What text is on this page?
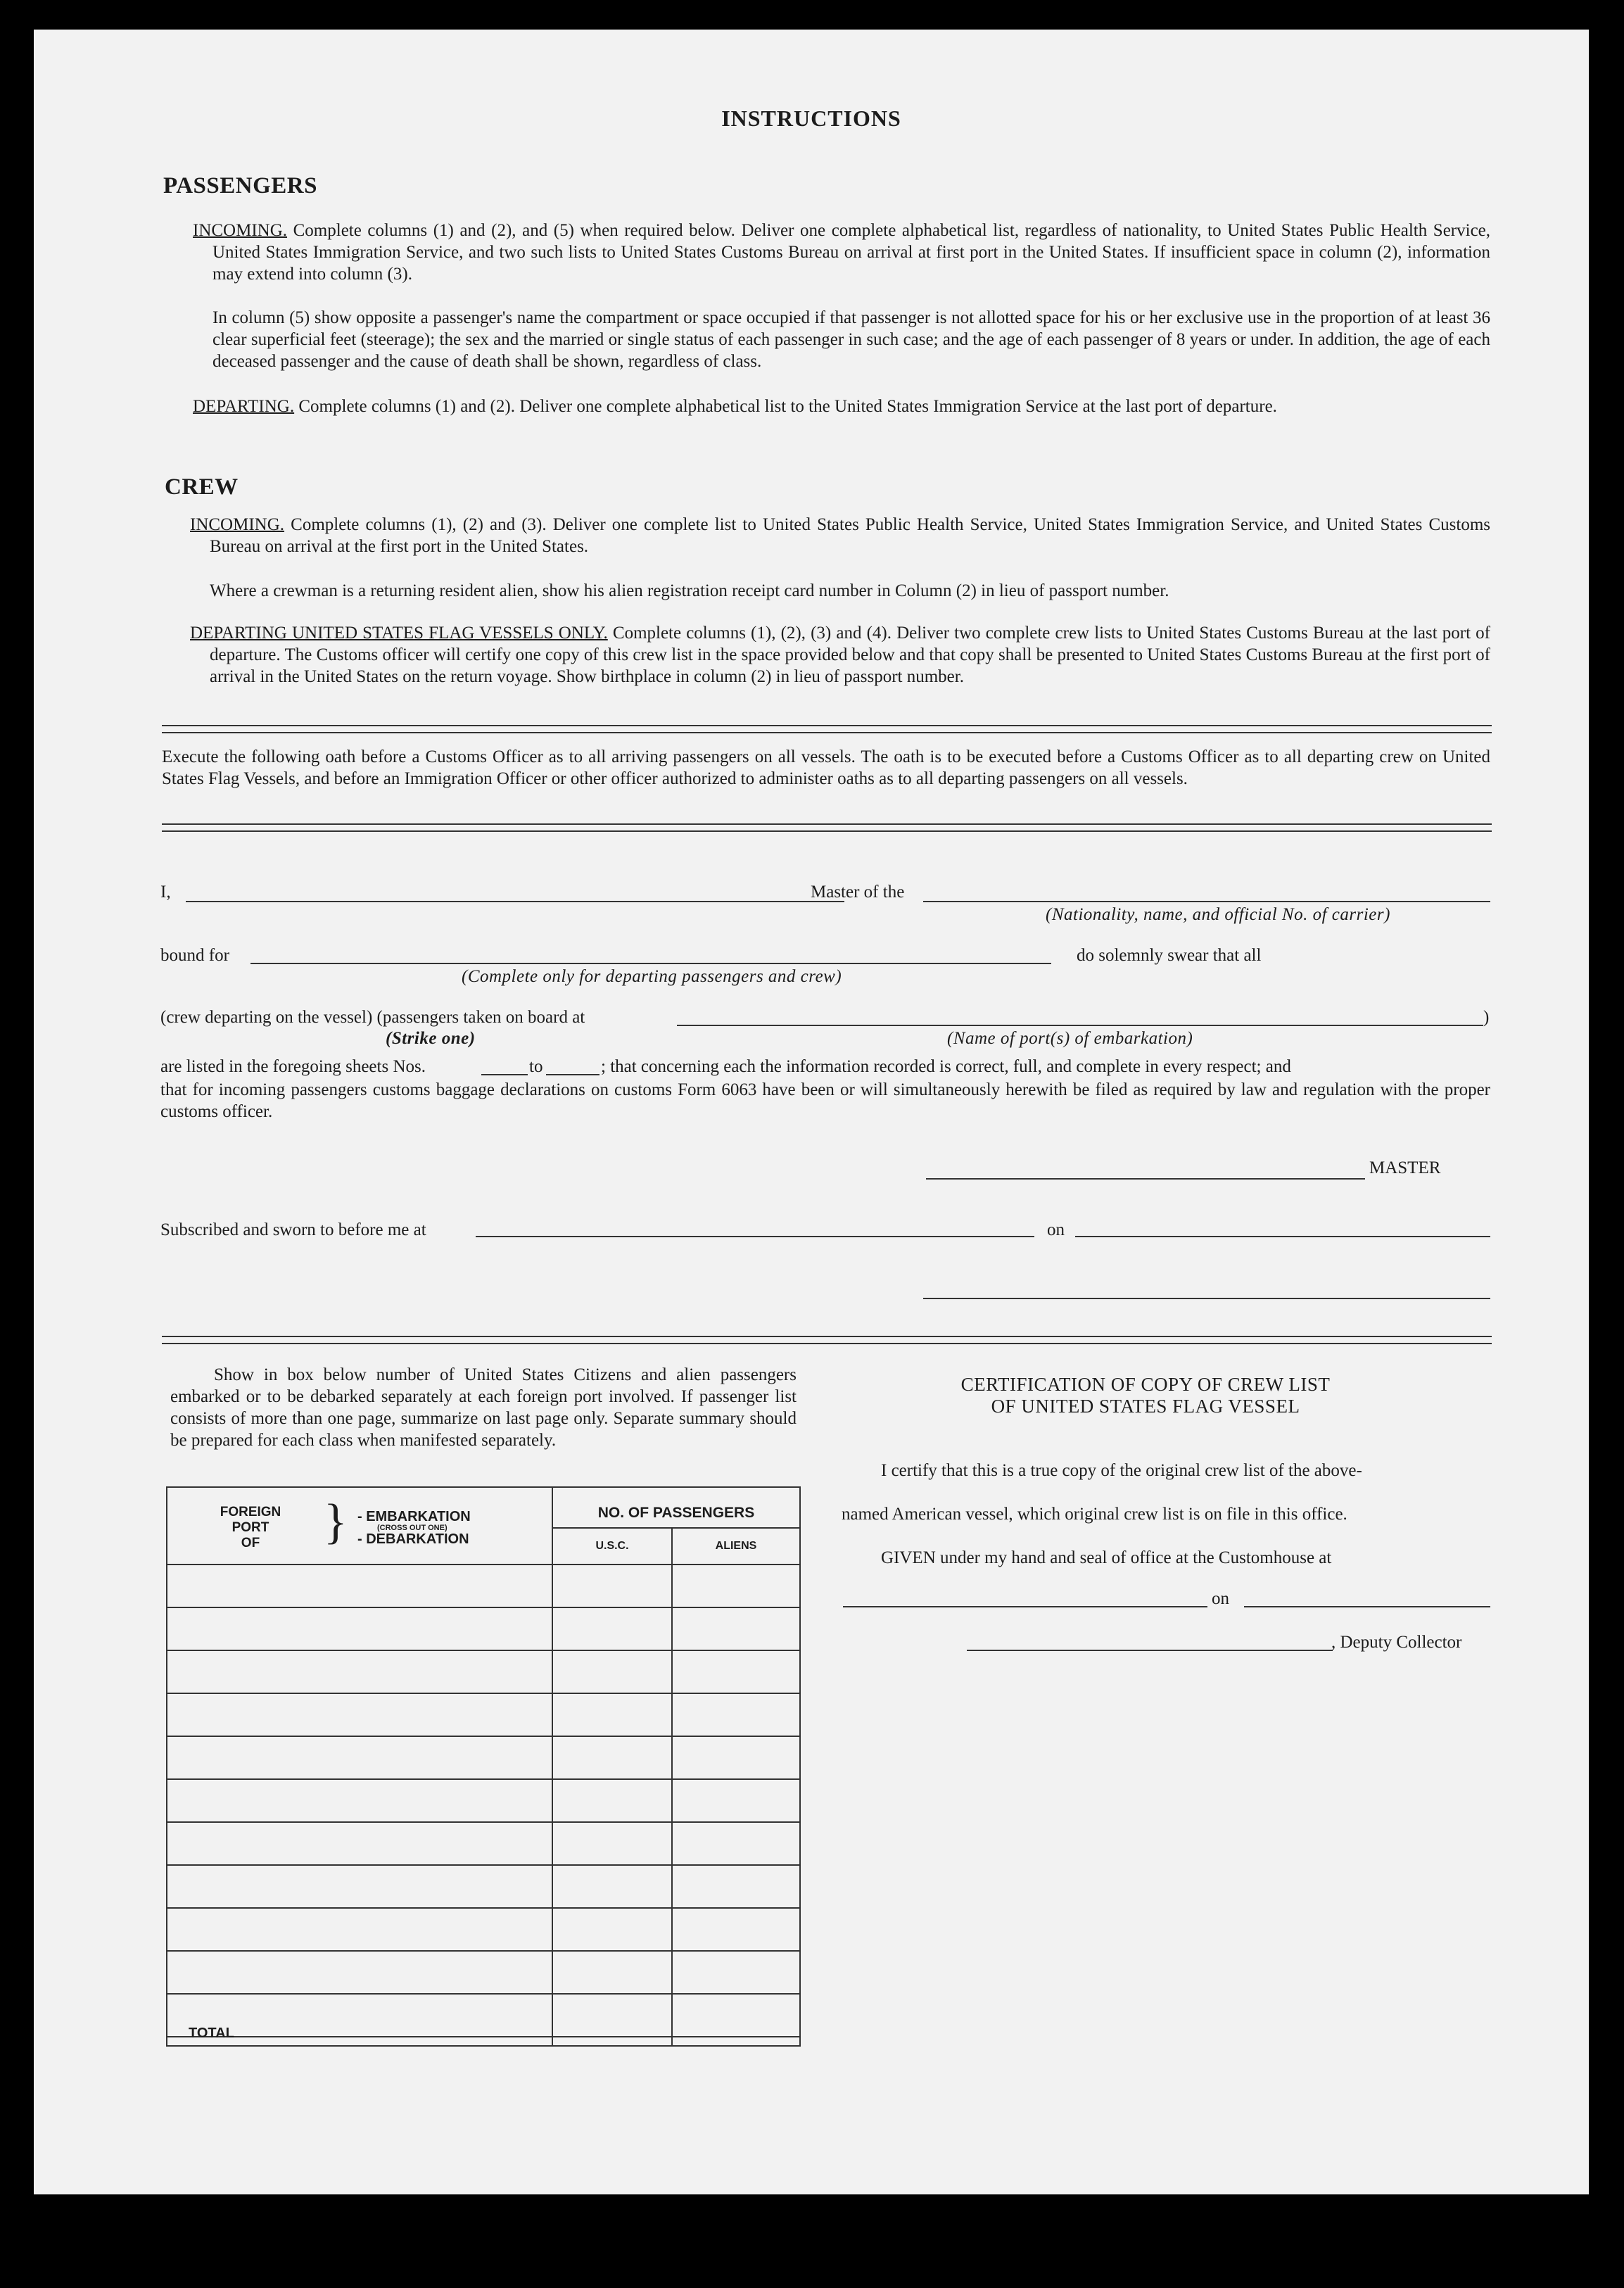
INSTRUCTIONS
PASSENGERS
INCOMING. Complete columns (1) and (2), and (5) when required below. Deliver one complete alphabetical list, regardless of nationality, to United States Public Health Service, United States Immigration Service, and two such lists to United States Customs Bureau on arrival at first port in the United States. If insufficient space in column (2), information may extend into column (3).
In column (5) show opposite a passenger's name the compartment or space occupied if that passenger is not allotted space for his or her exclusive use in the proportion of at least 36 clear superficial feet (steerage); the sex and the married or single status of each passenger in such case; and the age of each passenger of 8 years or under. In addition, the age of each deceased passenger and the cause of death shall be shown, regardless of class.
DEPARTING. Complete columns (1) and (2). Deliver one complete alphabetical list to the United States Immigration Service at the last port of departure.
CREW
INCOMING. Complete columns (1), (2) and (3). Deliver one complete list to United States Public Health Service, United States Immigration Service, and United States Customs Bureau on arrival at the first port in the United States.
Where a crewman is a returning resident alien, show his alien registration receipt card number in Column (2) in lieu of passport number.
DEPARTING UNITED STATES FLAG VESSELS ONLY. Complete columns (1), (2), (3) and (4). Deliver two complete crew lists to United States Customs Bureau at the last port of departure. The Customs officer will certify one copy of this crew list in the space provided below and that copy shall be presented to United States Customs Bureau at the first port of arrival in the United States on the return voyage. Show birthplace in column (2) in lieu of passport number.
Execute the following oath before a Customs Officer as to all arriving passengers on all vessels. The oath is to be executed before a Customs Officer as to all departing crew on United States Flag Vessels, and before an Immigration Officer or other officer authorized to administer oaths as to all departing passengers on all vessels.
I,	Master of the
(Nationality, name, and official No. of carrier)
bound for
(Complete only for departing passengers and crew)
do solemnly swear that all
(crew departing on the vessel) (passengers taken on board at
(Strike one)	(Name of port(s) of embarkation)
)
are listed in the foregoing sheets Nos.	to	; that concerning each the information recorded is correct, full, and complete in every respect; and
that for incoming passengers customs baggage declarations on customs Form 6063 have been or will simultaneously herewith be filed as required by law and regulation with the proper customs officer.
MASTER
Subscribed and sworn to before me at	on
Show in box below number of United States Citizens and alien passengers embarked or to be debarked separately at each foreign port involved. If passenger list consists of more than one page, summarize on last page only. Separate summary should be prepared for each class when manifested separately.
FOREIGN
PORT
OF	} - EMBARKATION
(CROSS OUT ONE)
- DEBARKATION
NO. OF PASSENGERS
U.S.C.	ALIENS
TOTAL
CERTIFICATION OF COPY OF CREW LIST
OF UNITED STATES FLAG VESSEL
I certify that this is a true copy of the original crew list of the above-
named American vessel, which original crew list is on file in this office.
GIVEN under my hand and seal of office at the Customhouse at
on
, Deputy Collector
